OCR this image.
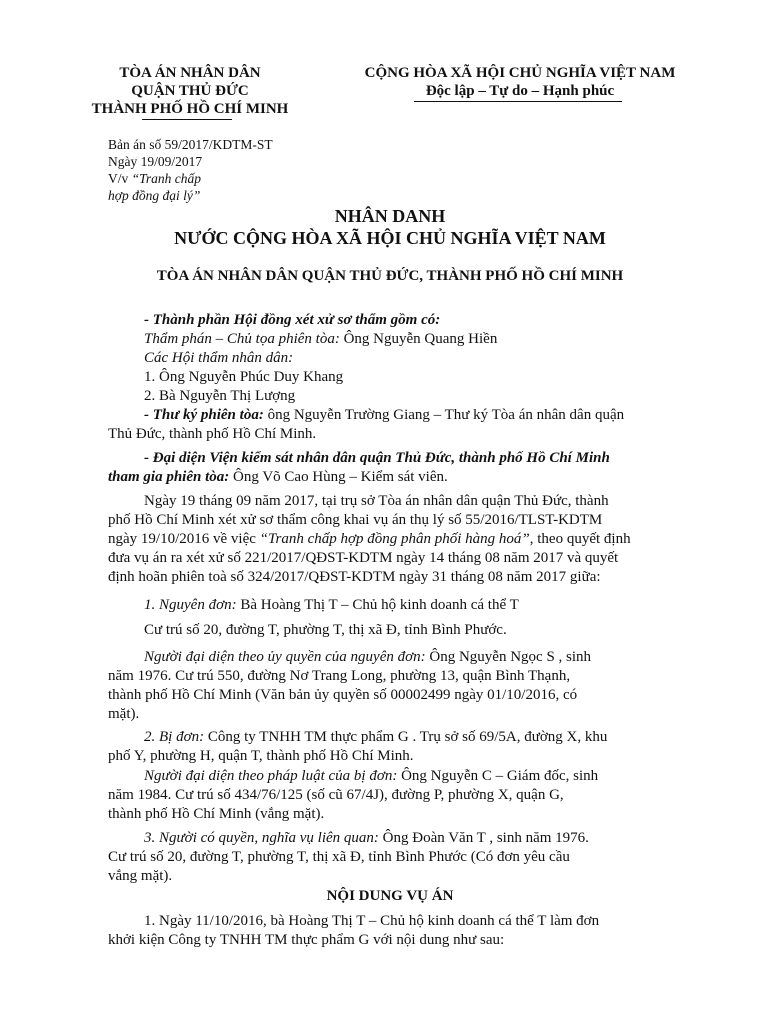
TÒA ÁN NHÂN DÂN
QUẬN THỦ ĐỨC
THÀNH PHỐ HỒ CHÍ MINH
CỘNG HÒA XÃ HỘI CHỦ NGHĨA VIỆT NAM
Độc lập – Tự do – Hạnh phúc
Bản án số 59/2017/KDTM-ST
Ngày 19/09/2017
V/v “Tranh chấp
hợp đồng đại lý”
NHÂN DANH
NƯỚC CỘNG HÒA XÃ HỘI CHỦ NGHĨA VIỆT NAM
TÒA ÁN NHÂN DÂN QUẬN THỦ ĐỨC, THÀNH PHỐ HỒ CHÍ MINH
- Thành phần Hội đồng xét xử sơ thẩm gồm có:
Thẩm phán – Chủ tọa phiên tòa: Ông Nguyễn Quang Hiền
Các Hội thẩm nhân dân:
1. Ông Nguyễn Phúc Duy Khang
2. Bà Nguyễn Thị Lượng
- Thư ký phiên tòa: ông Nguyễn Trường Giang – Thư ký Tòa án nhân dân quận
Thủ Đức, thành phố Hồ Chí Minh.
- Đại diện Viện kiểm sát nhân dân quận Thủ Đức, thành phố Hồ Chí Minh
tham gia phiên tòa: Ông Võ Cao Hùng – Kiểm sát viên.
Ngày 19 tháng 09 năm 2017, tại trụ sở Tòa án nhân dân quận Thủ Đức, thành
phố Hồ Chí Minh xét xử sơ thẩm công khai vụ án thụ lý số 55/2016/TLST-KDTM
ngày 19/10/2016 về việc “Tranh chấp hợp đồng phân phối hàng hoá”, theo quyết định
đưa vụ án ra xét xử số 221/2017/QĐST-KDTM ngày 14 tháng 08 năm 2017 và quyết
định hoãn phiên toà số 324/2017/QĐST-KDTM ngày 31 tháng 08 năm 2017 giữa:
1. Nguyên đơn: Bà Hoàng Thị T – Chủ hộ kinh doanh cá thể T
Cư trú số 20, đường T, phường T, thị xã Đ, tỉnh Bình Phước.
Người đại diện theo ủy quyền của nguyên đơn: Ông Nguyễn Ngọc S , sinh
năm 1976. Cư trú 550, đường Nơ Trang Long, phường 13, quận Bình Thạnh,
thành phố Hồ Chí Minh (Văn bản ủy quyền số 00002499 ngày 01/10/2016, có
mặt).
2. Bị đơn: Công ty TNHH TM thực phẩm G . Trụ sở số 69/5A, đường X, khu
phố Y, phường H, quận T, thành phố Hồ Chí Minh.
Người đại diện theo pháp luật của bị đơn: Ông Nguyễn C – Giám đốc, sinh
năm 1984. Cư trú số 434/76/125 (số cũ 67/4J), đường P, phường X, quận G,
thành phố Hồ Chí Minh (vắng mặt).
3. Người có quyền, nghĩa vụ liên quan: Ông Đoàn Văn T , sinh năm 1976.
Cư trú số 20, đường T, phường T, thị xã Đ, tỉnh Bình Phước (Có đơn yêu cầu
vắng mặt).
NỘI DUNG VỤ ÁN
1. Ngày 11/10/2016, bà Hoàng Thị T – Chủ hộ kinh doanh cá thể T làm đơn
khởi kiện Công ty TNHH TM thực phẩm G với nội dung như sau:
